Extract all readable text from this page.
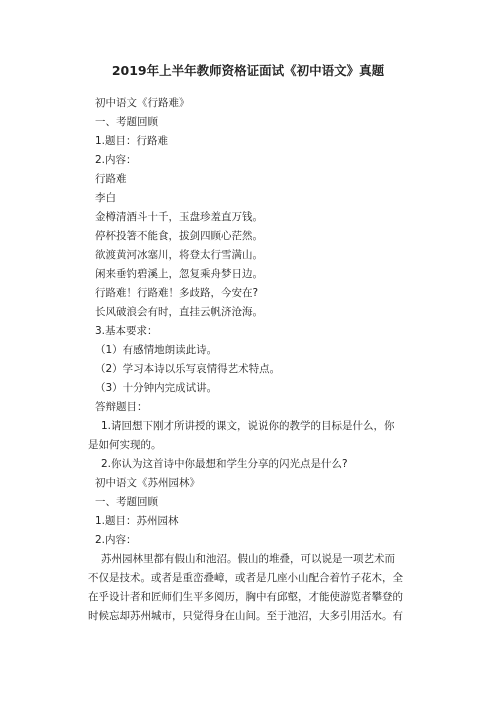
2019年上半年教师资格证面试《初中语文》真题
初中语文《行路难》
一、考题回顾
1.题目：行路难
2.内容：
行路难
李白
金樽清酒斗十千，玉盘珍羞直万钱。
停杯投箸不能食，拔剑四顾心茫然。
欲渡黄河冰塞川，将登太行雪满山。
闲来垂钓碧溪上，忽复乘舟梦日边。
行路难！行路难！多歧路，今安在?
长风破浪会有时，直挂云帆济沧海。
3.基本要求：
（1）有感情地朗读此诗。
（2）学习本诗以乐写哀情得艺术特点。
（3）十分钟内完成试讲。
答辩题目：
1.请回想下刚才所讲授的课文，说说你的教学的目标是什么，你
是如何实现的。
2.你认为这首诗中你最想和学生分享的闪光点是什么?
初中语文《苏州园林》
一、考题回顾
1.题目：苏州园林
2.内容：
苏州园林里都有假山和池沼。假山的堆叠，可以说是一项艺术而
不仅是技术。或者是重峦叠嶂，或者是几座小山配合着竹子花木，全
在乎设计者和匠师们生平多阅历，胸中有邱壑，才能使游览者攀登的
时候忘却苏州城市，只觉得身在山间。至于池沼，大多引用活水。有
